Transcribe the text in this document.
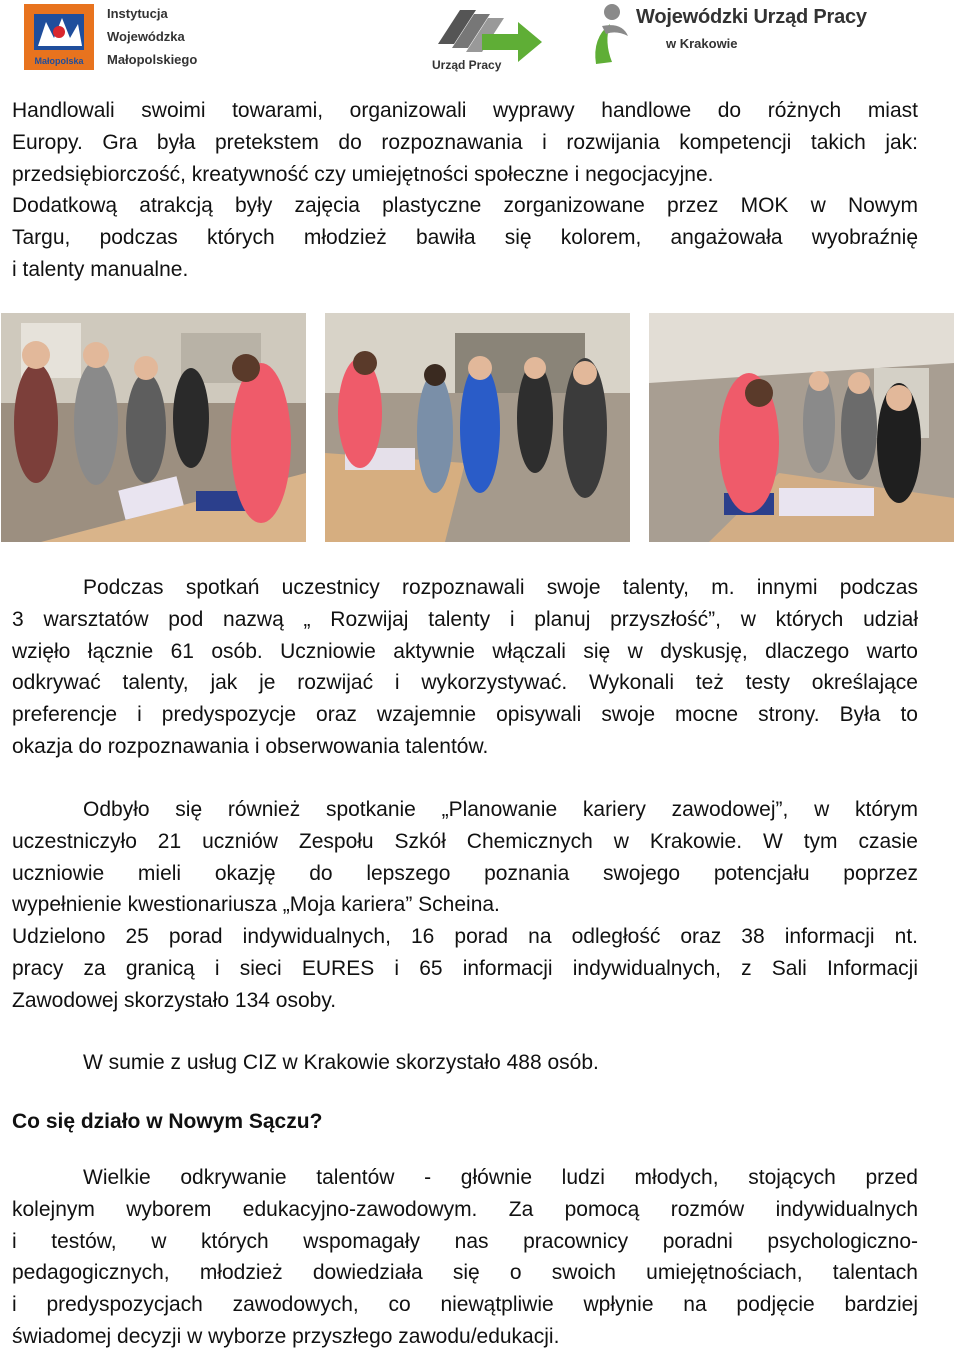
Małopolska
Instytucja
Wojewódzka
Małopolskiego	Urząd Pracy
Wojewódzki Urząd Pracy
w Krakowie
Handlowali swoimi towarami, organizowali wyprawy handlowe do różnych miast
Europy. Gra była pretekstem do rozpoznawania i rozwijania kompetencji takich jak:
przedsiębiorczość, kreatywność czy umiejętności społeczne i negocjacyjne.
Dodatkową atrakcją były zajęcia plastyczne zorganizowane przez MOK w Nowym
Targu, podczas których młodzież bawiła się kolorem, angażowała wyobraźnię
i talenty manualne.
Podczas spotkań uczestnicy rozpoznawali swoje talenty, m. innymi podczas
3 warsztatów pod nazwą „ Rozwijaj talenty i planuj przyszłość”, w których udział
wzięło łącznie 61 osób. Uczniowie aktywnie włączali się w dyskusję, dlaczego warto
odkrywać talenty, jak je rozwijać i wykorzystywać. Wykonali też testy określające
preferencje i predyspozycje oraz wzajemnie opisywali swoje mocne strony. Była to
okazja do rozpoznawania i obserwowania talentów.
Odbyło się również spotkanie „Planowanie kariery zawodowej”, w którym
uczestniczyło 21 uczniów Zespołu Szkół Chemicznych w Krakowie. W tym czasie
uczniowie mieli okazję do lepszego poznania swojego potencjału poprzez
wypełnienie kwestionariusza „Moja kariera” Scheina.
Udzielono 25 porad indywidualnych, 16 porad na odległość oraz 38 informacji nt.
pracy za granicą i sieci EURES i 65 informacji indywidualnych, z Sali Informacji
Zawodowej skorzystało 134 osoby.
W sumie z usług CIZ w Krakowie skorzystało 488 osób.
Co się działo w Nowym Sączu?
Wielkie odkrywanie talentów - głównie ludzi młodych, stojących przed
kolejnym wyborem edukacyjno-zawodowym. Za pomocą rozmów indywidualnych
i testów, w których wspomagały nas pracownicy poradni psychologiczno-
pedagogicznych, młodzież dowiedziała się o swoich umiejętnościach, talentach
i predyspozycjach zawodowych, co niewątpliwie wpłynie na podjęcie bardziej
świadomej decyzji w wyborze przyszłego zawodu/edukacji.
